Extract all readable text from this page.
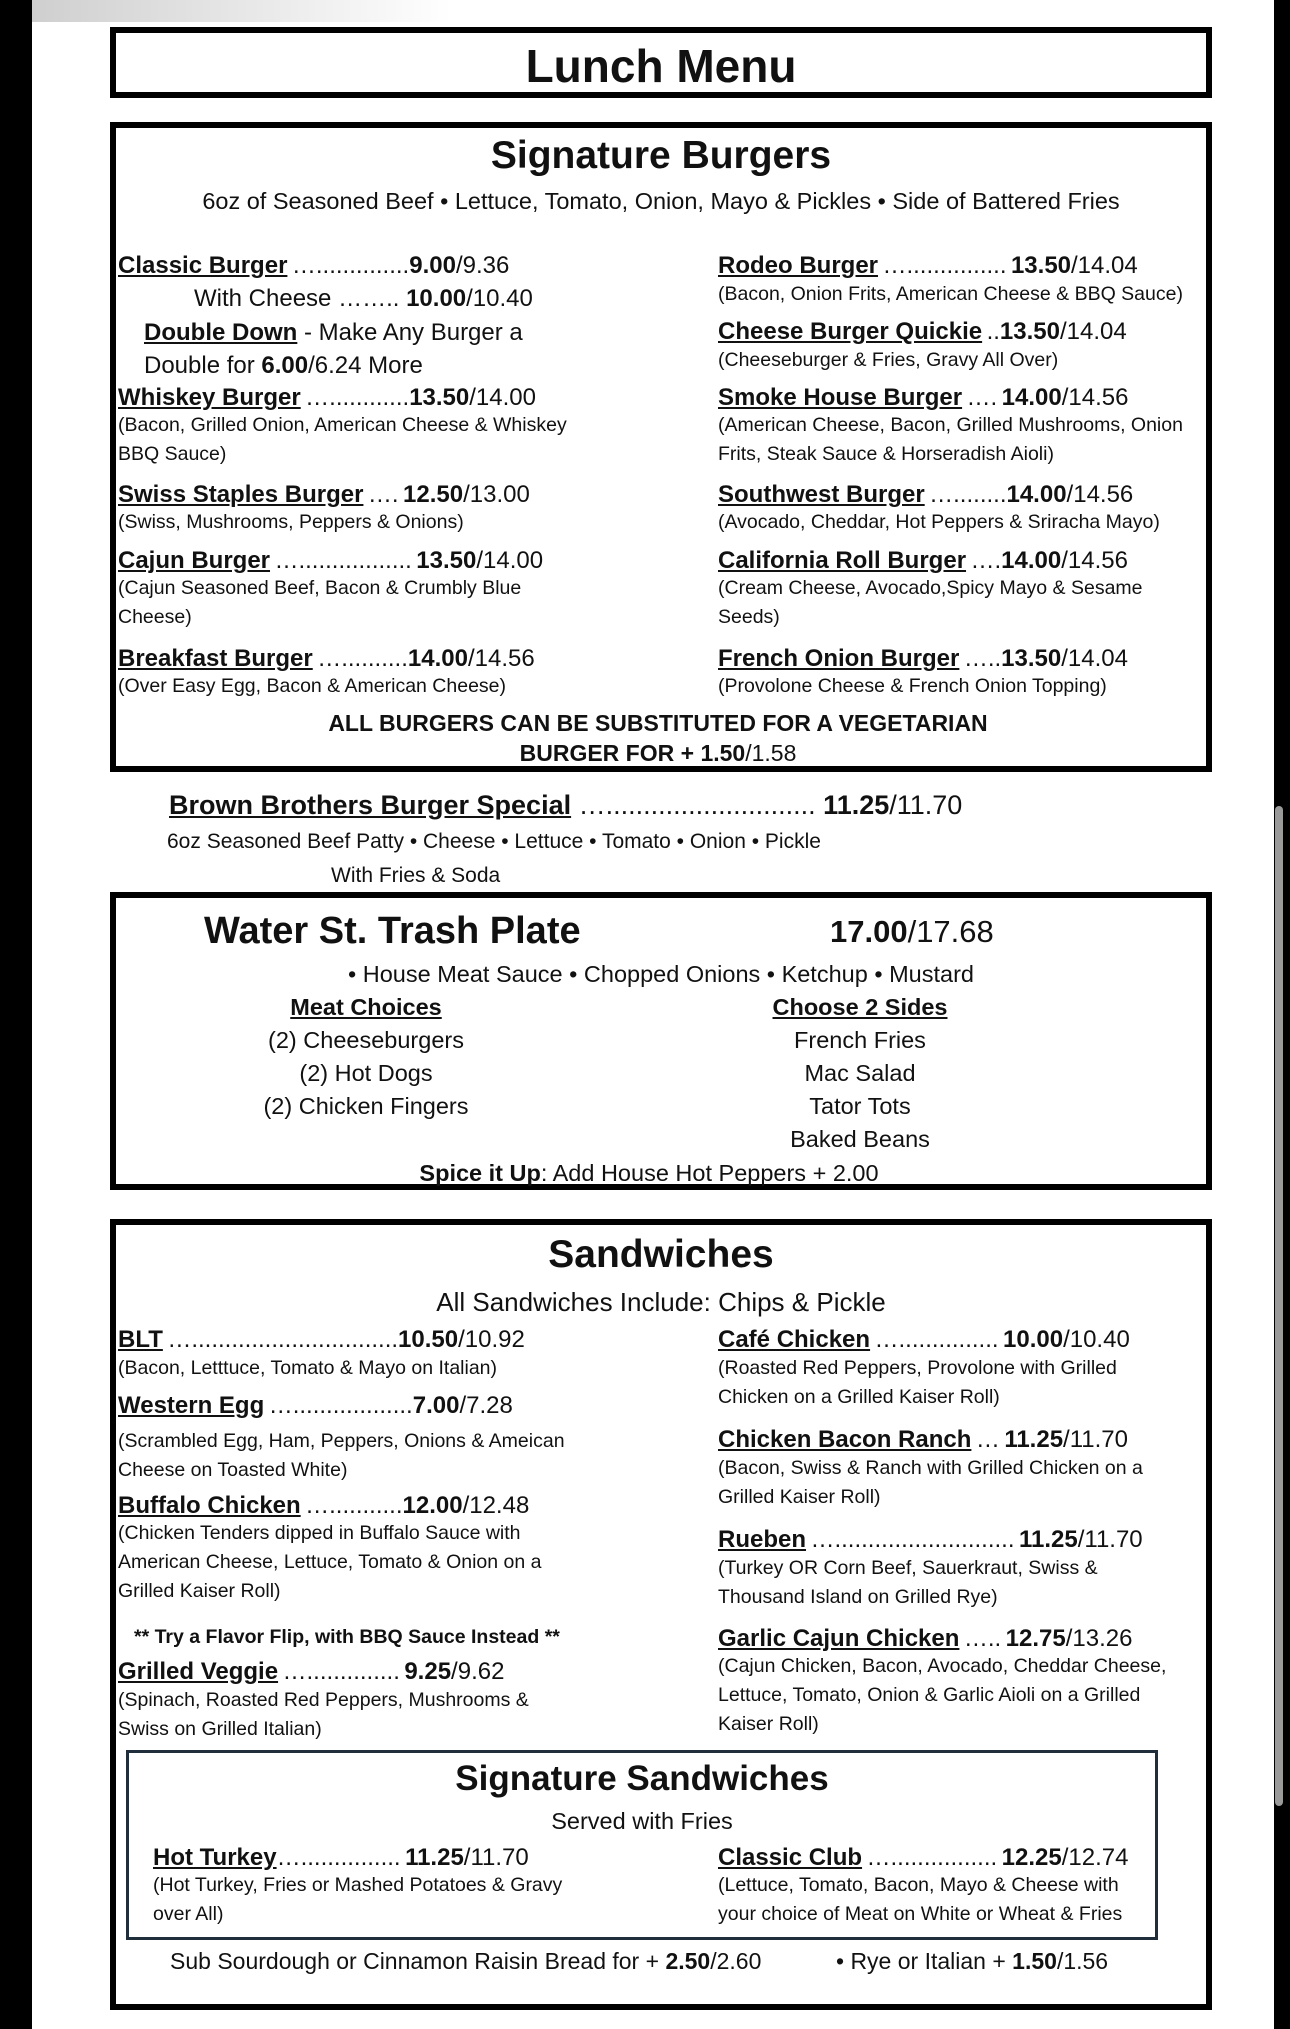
Lunch Menu
Signature Burgers
6oz of Seasoned Beef • Lettuce, Tomato, Onion, Mayo & Pickles • Side of Battered Fries
Classic Burger …..............9.00/9.36
With Cheese …….. 10.00/10.40
Double Down - Make Any Burger a
Double for 6.00/6.24 More
Whiskey Burger …............13.50/14.00
(Bacon, Grilled Onion, American Cheese & Whiskey BBQ Sauce)
Swiss Staples Burger …. 12.50/13.00
(Swiss, Mushrooms, Peppers & Onions)
Cajun Burger …................. 13.50/14.00
(Cajun Seasoned Beef, Bacon & Crumbly Blue Cheese)
Breakfast Burger …..........14.00/14.56
(Over Easy Egg, Bacon & American Cheese)
Rodeo Burger …............... 13.50/14.04
(Bacon, Onion Frits, American Cheese & BBQ Sauce)
Cheese Burger Quickie ..13.50/14.04
(Cheeseburger & Fries, Gravy All Over)
Smoke House Burger …. 14.00/14.56
(American Cheese, Bacon, Grilled Mushrooms, Onion Frits, Steak Sauce & Horseradish Aioli)
Southwest Burger …........14.00/14.56
(Avocado, Cheddar, Hot Peppers & Sriracha Mayo)
California Roll Burger ….14.00/14.56
(Cream Cheese, Avocado,Spicy Mayo & Sesame Seeds)
French Onion Burger …..13.50/14.04
(Provolone Cheese & French Onion Topping)
ALL BURGERS CAN BE SUBSTITUTED FOR A VEGETARIAN
BURGER FOR + 1.50/1.58
Brown Brothers Burger Special …............................ 11.25/11.70
6oz Seasoned Beef Patty • Cheese • Lettuce • Tomato • Onion • Pickle
With Fries & Soda
Water St. Trash Plate	17.00/17.68
• House Meat Sauce • Chopped Onions • Ketchup • Mustard
Meat Choices
(2) Cheeseburgers
(2) Hot Dogs
(2) Chicken Fingers
Choose 2 Sides
French Fries
Mac Salad
Tator Tots
Baked Beans
Spice it Up: Add House Hot Peppers + 2.00
Sandwiches
All Sandwiches Include: Chips & Pickle
BLT …...............................10.50/10.92
(Bacon, Letttuce, Tomato & Mayo on Italian)
Western Egg …..................7.00/7.28
(Scrambled Egg, Ham, Peppers, Onions & Ameican Cheese on Toasted White)
Buffalo Chicken …...........12.00/12.48
(Chicken Tenders dipped in Buffalo Sauce with American Cheese, Lettuce, Tomato & Onion on a Grilled Kaiser Roll)
** Try a Flavor Flip, with BBQ Sauce Instead **
Grilled Veggie ….............. 9.25/9.62
(Spinach, Roasted Red Peppers, Mushrooms & Swiss on Grilled Italian)
Café Chicken …............... 10.00/10.40
(Roasted Red Peppers, Provolone with Grilled Chicken on a Grilled Kaiser Roll)
Chicken Bacon Ranch … 11.25/11.70
(Bacon, Swiss & Ranch with Grilled Chicken on a Grilled Kaiser Roll)
Rueben …........................... 11.25/11.70
(Turkey OR Corn Beef, Sauerkraut, Swiss & Thousand Island on Grilled Rye)
Garlic Cajun Chicken ….. 12.75/13.26
(Cajun Chicken, Bacon, Avocado, Cheddar Cheese, Lettuce, Tomato, Onion & Garlic Aioli on a Grilled Kaiser Roll)
Signature Sandwiches
Served with Fries
Hot Turkey…............... 11.25/11.70
(Hot Turkey, Fries or Mashed Potatoes & Gravy over All)
Classic Club …................ 12.25/12.74
(Lettuce, Tomato, Bacon, Mayo & Cheese with your choice of Meat on White or Wheat & Fries
Sub Sourdough or Cinnamon Raisin Bread for + 2.50/2.60	• Rye or Italian + 1.50/1.56
